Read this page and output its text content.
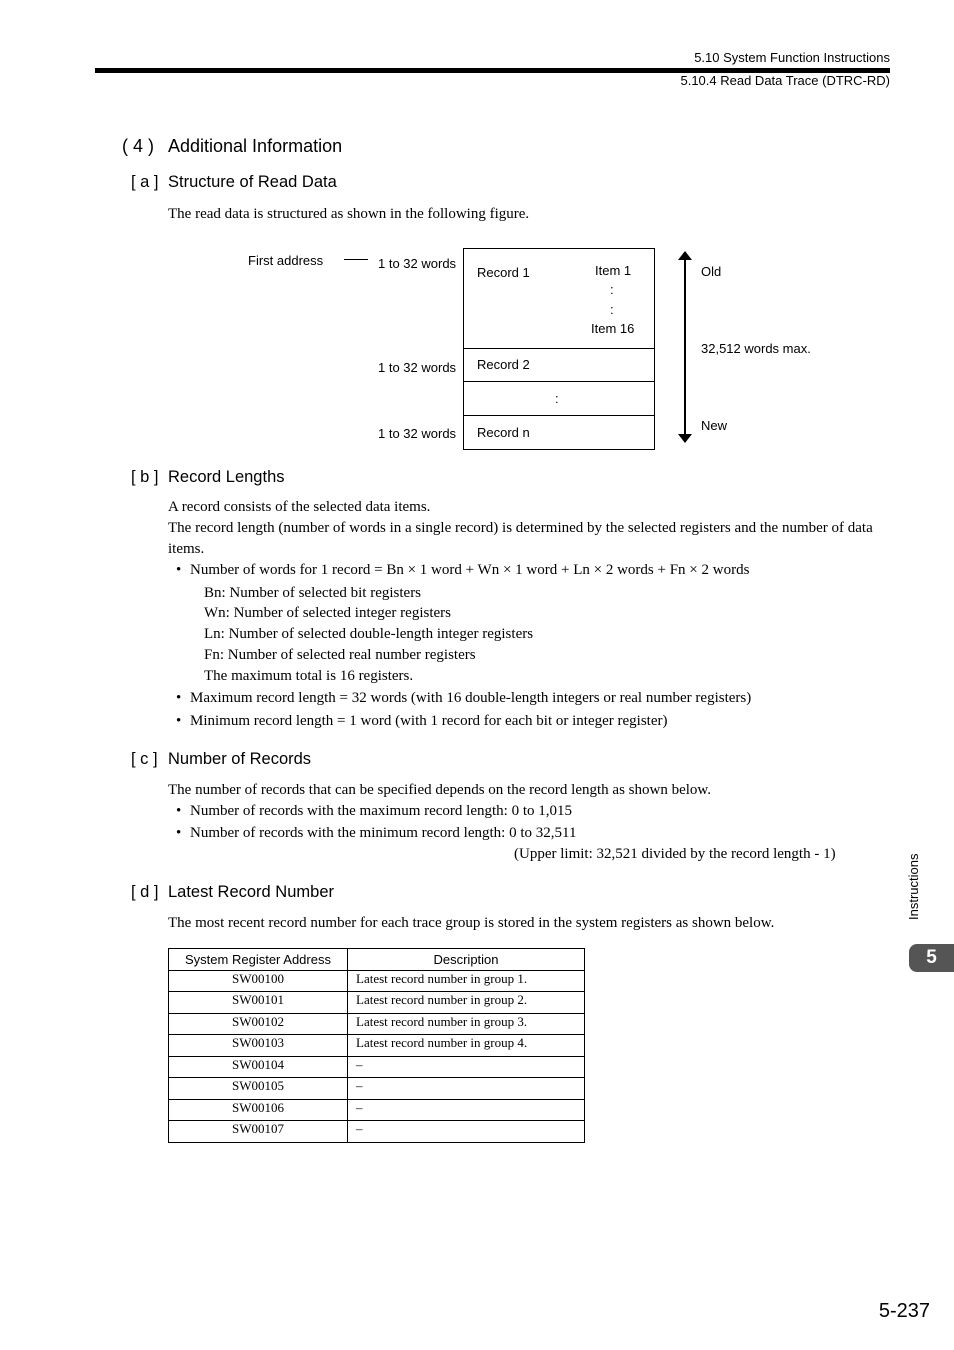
5.10 System Function Instructions
5.10.4 Read Data Trace (DTRC-RD)
( 4 ) Additional Information
[ a ] Structure of Read Data
The read data is structured as shown in the following figure.
First address	1 to 32 words
1 to 32 words
1 to 32 words
Record 1	Item 1
:
:
Item 16
Record 2
:
Record n
Old
32,512 words max.
New
[ b ] Record Lengths
A record consists of the selected data items.
The record length (number of words in a single record) is determined by the selected registers and the number of data items.
• Number of words for 1 record = Bn × 1 word + Wn × 1 word + Ln × 2 words + Fn × 2 words
Bn: Number of selected bit registers
Wn: Number of selected integer registers
Ln: Number of selected double-length integer registers
Fn: Number of selected real number registers
The maximum total is 16 registers.
• Maximum record length = 32 words (with 16 double-length integers or real number registers)
• Minimum record length = 1 word (with 1 record for each bit or integer register)
[ c ] Number of Records
The number of records that can be specified depends on the record length as shown below.
• Number of records with the maximum record length: 0 to 1,015
• Number of records with the minimum record length: 0 to 32,511
(Upper limit: 32,521 divided by the record length - 1)
[ d ] Latest Record Number
The most recent record number for each trace group is stored in the system registers as shown below.
System Register Address	Description
SW00100	Latest record number in group 1.
SW00101	Latest record number in group 2.
SW00102	Latest record number in group 3.
SW00103	Latest record number in group 4.
SW00104	–
SW00105	–
SW00106	–
SW00107	–
Instructions
5
5-237
